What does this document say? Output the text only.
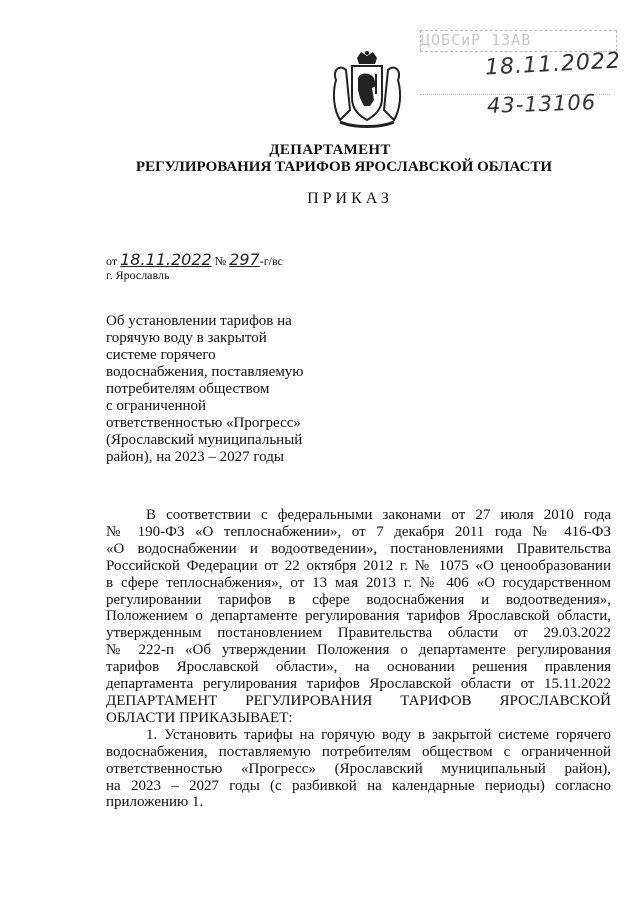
ЦОБСиР 1ЗАВ
18.11.2022
43-13106
ДЕПАРТАМЕНТ
РЕГУЛИРОВАНИЯ ТАРИФОВ ЯРОСЛАВСКОЙ ОБЛАСТИ
ПРИКАЗ
от 18.11.2022 № 297-г/вс
г. Ярославль
Об установлении тарифов на
горячую воду в закрытой
системе горячего
водоснабжения, поставляемую
потребителям обществом
с ограниченной
ответственностью «Прогресс»
(Ярославский муниципальный
район), на 2023 – 2027 годы
В соответствии с федеральными законами от 27 июля 2010 года
№ 190-ФЗ «О теплоснабжении», от 7 декабря 2011 года № 416-ФЗ
«О водоснабжении и водоотведении», постановлениями Правительства
Российской Федерации от 22 октября 2012 г. № 1075 «О ценообразовании
в сфере теплоснабжения», от 13 мая 2013 г. № 406 «О государственном
регулировании тарифов в сфере водоснабжения и водоотведения»,
Положением о департаменте регулирования тарифов Ярославской области,
утвержденным постановлением Правительства области от 29.03.2022
№ 222-п «Об утверждении Положения о департаменте регулирования
тарифов Ярославской области», на основании решения правления
департамента регулирования тарифов Ярославской области от 15.11.2022
ДЕПАРТАМЕНТ РЕГУЛИРОВАНИЯ ТАРИФОВ ЯРОСЛАВСКОЙ
ОБЛАСТИ ПРИКАЗЫВАЕТ:
1. Установить тарифы на горячую воду в закрытой системе горячего
водоснабжения, поставляемую потребителям обществом с ограниченной
ответственностью «Прогресс» (Ярославский муниципальный район),
на 2023 – 2027 годы (с разбивкой на календарные периоды) согласно
приложению 1.
